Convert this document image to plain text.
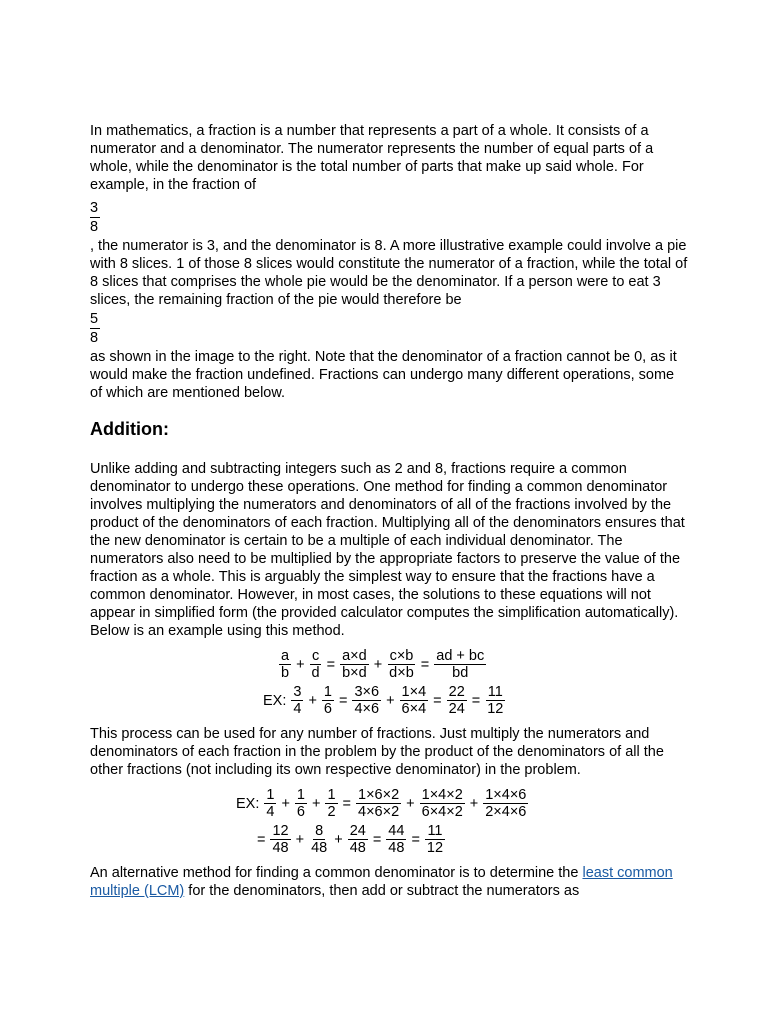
In mathematics, a fraction is a number that represents a part of a whole. It consists of a numerator and a denominator. The numerator represents the number of equal parts of a whole, while the denominator is the total number of parts that make up said whole. For example, in the fraction of

3
8

, the numerator is 3, and the denominator is 8. A more illustrative example could involve a pie with 8 slices. 1 of those 8 slices would constitute the numerator of a fraction, while the total of 8 slices that comprises the whole pie would be the denominator. If a person were to eat 3 slices, the remaining fraction of the pie would therefore be

5
8

as shown in the image to the right. Note that the denominator of a fraction cannot be 0, as it would make the fraction undefined. Fractions can undergo many different operations, some of which are mentioned below.

Addition:

Unlike adding and subtracting integers such as 2 and 8, fractions require a common denominator to undergo these operations. One method for finding a common denominator involves multiplying the numerators and denominators of all of the fractions involved by the product of the denominators of each fraction. Multiplying all of the denominators ensures that the new denominator is certain to be a multiple of each individual denominator. The numerators also need to be multiplied by the appropriate factors to preserve the value of the fraction as a whole. This is arguably the simplest way to ensure that the fractions have a common denominator. However, in most cases, the solutions to these equations will not appear in simplified form (the provided calculator computes the simplification automatically). Below is an example using this method.

$\frac{a}{b} + \frac{c}{d} = \frac{a\times d}{b\times d} + \frac{c\times b}{d\times b} = \frac{ad + bc}{bd}$
EX: $\frac{3}{4} + \frac{1}{6} = \frac{3\times 6}{4\times 6} + \frac{1\times 4}{6\times 4} = \frac{22}{24} = \frac{11}{12}$

This process can be used for any number of fractions. Just multiply the numerators and denominators of each fraction in the problem by the product of the denominators of all the other fractions (not including its own respective denominator) in the problem.

EX: $\frac{1}{4} + \frac{1}{6} + \frac{1}{2} = \frac{1\times 6\times 2}{4\times 6\times 2} + \frac{1\times 4\times 2}{6\times 4\times 2} + \frac{1\times 4\times 6}{2\times 4\times 6}$
= $\frac{12}{48} + \frac{8}{48} + \frac{24}{48} = \frac{44}{48} = \frac{11}{12}$

An alternative method for finding a common denominator is to determine the least common multiple (LCM) for the denominators, then add or subtract the numerators as
